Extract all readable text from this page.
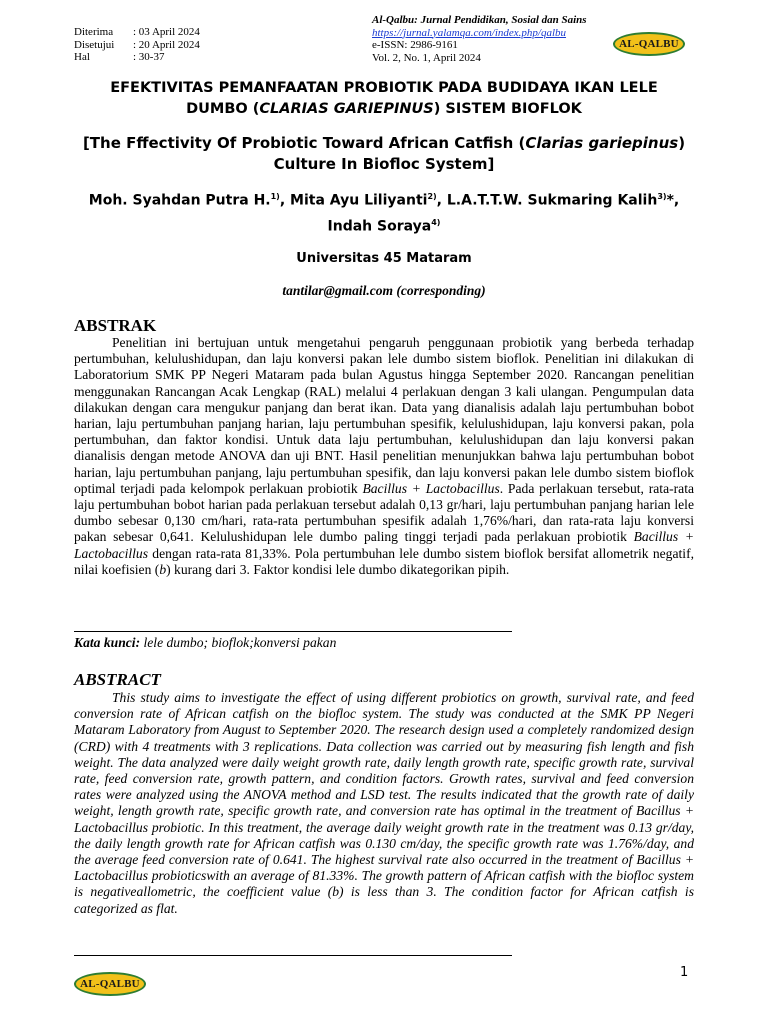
Diterima	: 03 April 2024
Disetujui	: 20 April 2024
Hal	: 30-37
Al-Qalbu: Jurnal Pendidikan, Sosial dan Sains
https://jurnal.yalamqa.com/index.php/qalbu
e-ISSN: 2986-9161
Vol. 2, No. 1, April 2024
AL-QALBU
EFEKTIVITAS PEMANFAATAN PROBIOTIK PADA BUDIDAYA IKAN LELE
DUMBO (CLARIAS GARIEPINUS) SISTEM BIOFLOK
[The Fffectivity Of Probiotic Toward African Catfish (Clarias gariepinus) Culture In Biofloc System]
Moh. Syahdan Putra H.$^{1)}$, Mita Ayu Liliyanti$^{2)}$, L.A.T.T.W. Sukmaring Kalih$^{3)}$*,
Indah Soraya$^{4)}$
Universitas 45 Mataram
tantilar@gmail.com (corresponding)
ABSTRAK

Penelitian ini bertujuan untuk mengetahui pengaruh penggunaan probiotik yang berbeda terhadap pertumbuhan, kelulushidupan, dan laju konversi pakan lele dumbo sistem bioflok. Penelitian ini dilakukan di Laboratorium SMK PP Negeri Mataram pada bulan Agustus hingga September 2020. Rancangan penelitian menggunakan Rancangan Acak Lengkap (RAL) melalui 4 perlakuan dengan 3 kali ulangan. Pengumpulan data dilakukan dengan cara mengukur panjang dan berat ikan. Data yang dianalisis adalah laju pertumbuhan bobot harian, laju pertumbuhan panjang harian, laju pertumbuhan spesifik, kelulushidupan, laju konversi pakan, pola pertumbuhan, dan faktor kondisi. Untuk data laju pertumbuhan, kelulushidupan dan laju konversi pakan dianalisis dengan metode ANOVA dan uji BNT. Hasil penelitian menunjukkan bahwa laju pertumbuhan bobot harian, laju pertumbuhan panjang, laju pertumbuhan spesifik, dan laju konversi pakan lele dumbo sistem bioflok optimal terjadi pada kelompok perlakuan probiotik Bacillus + Lactobacillus. Pada perlakuan tersebut, rata-rata laju pertumbuhan bobot harian pada perlakuan tersebut adalah 0,13 gr/hari, laju pertumbuhan panjang harian lele dumbo sebesar 0,130 cm/hari, rata-rata pertumbuhan spesifik adalah 1,76%/hari, dan rata-rata laju konversi pakan sebesar 0,641. Kelulushidupan lele dumbo paling tinggi terjadi pada perlakuan probiotik Bacillus + Lactobacillus dengan rata-rata 81,33%. Pola pertumbuhan lele dumbo sistem bioflok bersifat allometrik negatif, nilai koefisien (b) kurang dari 3. Faktor kondisi lele dumbo dikategorikan pipih.

Kata kunci: lele dumbo; bioflok;konversi pakan
ABSTRACT

This study aims to investigate the effect of using different probiotics on growth, survival rate, and feed conversion rate of African catfish on the biofloc system. The study was conducted at the SMK PP Negeri Mataram Laboratory from August to September 2020. The research design used a completely randomized design (CRD) with 4 treatments with 3 replications. Data collection was carried out by measuring fish length and fish weight. The data analyzed were daily weight growth rate, daily length growth rate, specific growth rate, survival rate, feed conversion rate, growth pattern, and condition factors. Growth rates, survival and feed conversion rates were analyzed using the ANOVA method and LSD test. The results indicated that the growth rate of daily weight, length growth rate, specific growth rate, and conversion rate has optimal in the treatment of Bacillus + Lactobacillus probiotic. In this treatment, the average daily weight growth rate in the treatment was 0.13 gr/day, the daily length growth rate for African catfish was 0.130 cm/day, the specific growth rate was 1.76%/day, and the average feed conversion rate of 0.641. The highest survival rate also occurred in the treatment of Bacillus + Lactobacillus probioticswith an average of 81.33%. The growth pattern of African catfish with the biofloc system is negativeallometric, the coefficient value (b) is less than 3. The condition factor for African catfish is categorized as flat.

AL-QALBU
1
